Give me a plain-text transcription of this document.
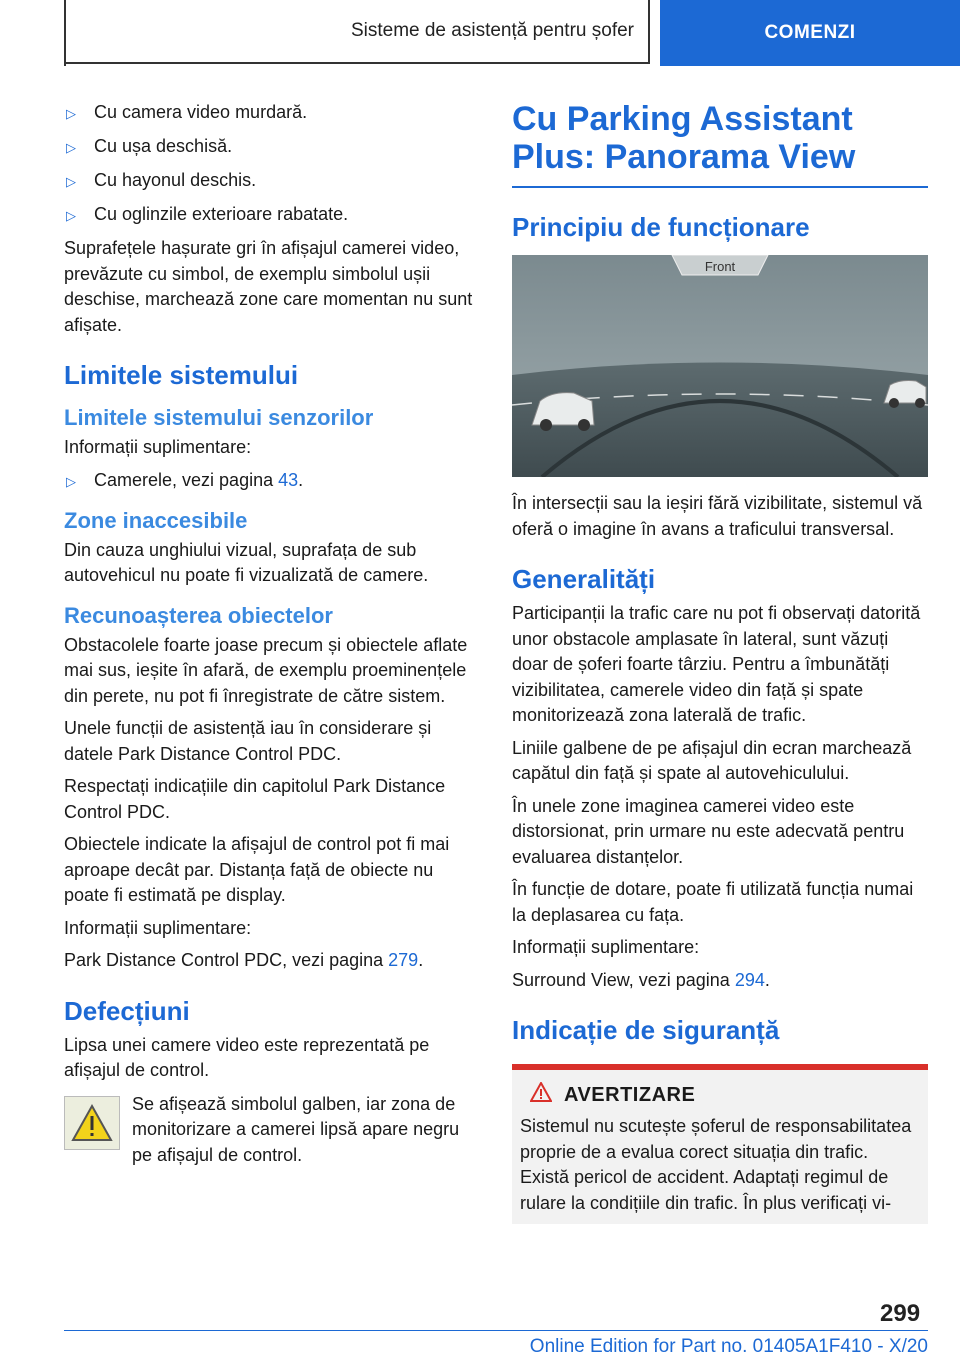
Sisteme de asistență pentru șofer	COMENZI
▷	Cu camera video murdară.
▷	Cu ușa deschisă.
▷	Cu hayonul deschis.
▷	Cu oglinzile exterioare rabatate.

Suprafețele hașurate gri în afișajul camerei video, prevăzute cu simbol, de exemplu simbolul ușii deschise, marchează zone care momentan nu sunt afișate.

Limitele sistemului
Limitele sistemului senzorilor

Informații suplimentare:

▷	Camerele, vezi pagina 43.
Zone inaccesibile

Din cauza unghiului vizual, suprafața de sub autovehicul nu poate fi vizualizată de camere.

Recunoașterea obiectelor

Obstacolele foarte joase precum și obiectele aflate mai sus, ieșite în afară, de exemplu proeminențele din perete, nu pot fi înregistrate de către sistem.

Unele funcții de asistență iau în considerare și datele Park Distance Control PDC.

Respectați indicațiile din capitolul Park Distance Control PDC.

Obiectele indicate la afișajul de control pot fi mai aproape decât par. Distanța față de obiecte nu poate fi estimată pe display.

Informații suplimentare:

Park Distance Control PDC, vezi pagina 279.

Defecțiuni

Lipsa unei camere video este reprezentată pe afișajul de control.

Se afișează simbolul galben, iar zona de monitorizare a camerei lipsă apare negru pe afișajul de control.

Cu Parking Assistant Plus: Panorama View
Principiu de funcționare
Front

În intersecții sau la ieșiri fără vizibilitate, sistemul vă oferă o imagine în avans a traficului transversal.

Generalități

Participanții la trafic care nu pot fi observați datorită unor obstacole amplasate în lateral, sunt văzuți doar de șoferi foarte târziu. Pentru a îmbunătăți vizibilitatea, camerele video din față și spate monitorizează zona laterală de trafic.

Liniile galbene de pe afișajul din ecran marchează capătul din față și spate al autovehiculului.

În unele zone imaginea camerei video este distorsionat, prin urmare nu este adecvată pentru evaluarea distanțelor.

În funcție de dotare, poate fi utilizată funcția numai la deplasarea cu fața.

Informații suplimentare:

Surround View, vezi pagina 294.

Indicație de siguranță
AVERTIZARE

Sistemul nu scutește șoferul de responsabilitatea proprie de a evalua corect situația din trafic. Există pericol de accident. Adaptați regimul de rulare la condițiile din trafic. În plus verificați vi-

299
Online Edition for Part no. 01405A1F410 - X/20
